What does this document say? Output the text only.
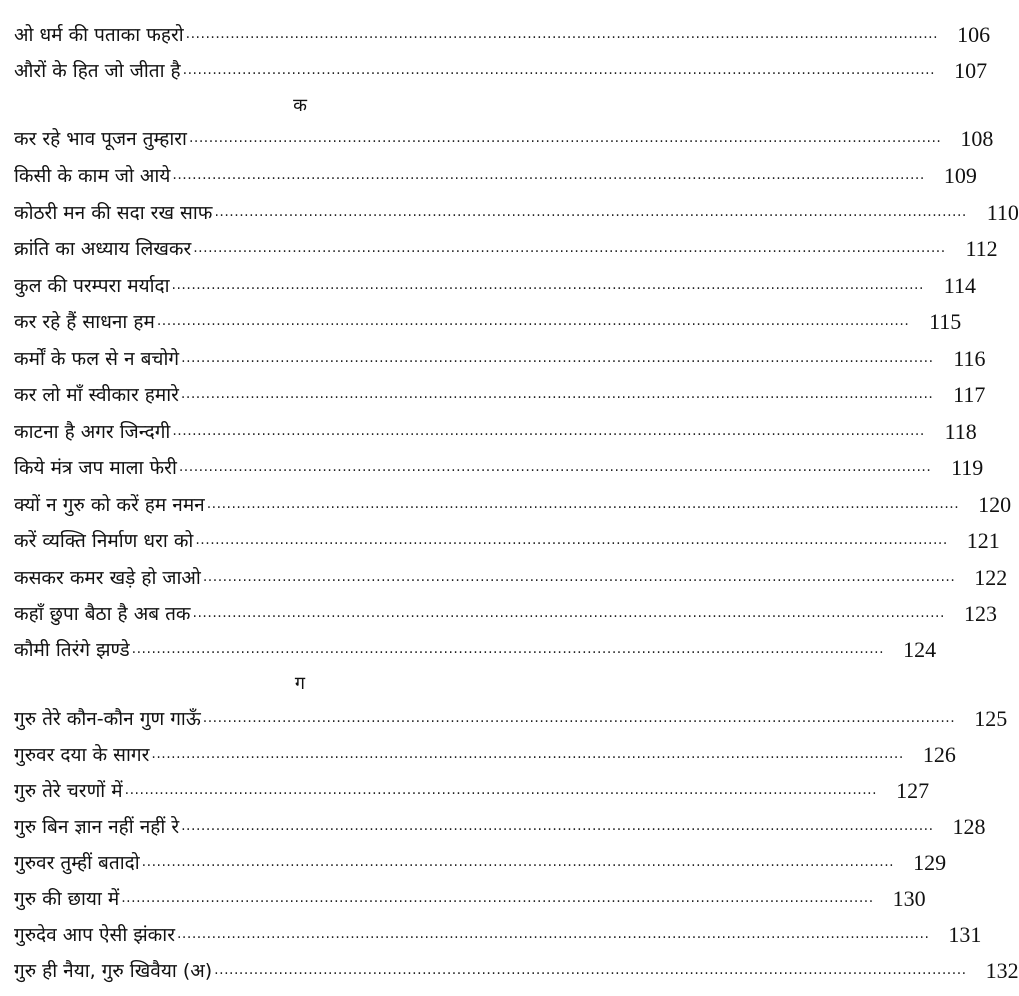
ओ धर्म की पताका फहरो .....	106
औरों के हित जो जीता है .....	107
क
कर रहे भाव पूजन तुम्हारा .....	108
किसी के काम जो आये .....	109
कोठरी मन की सदा रख साफ .....	110
क्रांति का अध्याय लिखकर .....	112
कुल की परम्परा मर्यादा .....	114
कर रहे हैं साधना हम .....	115
कर्मों के फल से न बचोगे .....	116
कर लो माँ स्वीकार हमारे .....	117
काटना है अगर जिन्दगी .....	118
किये मंत्र जप माला फेरी .....	119
क्यों न गुरु को करें हम नमन .....	120
करें व्यक्ति निर्माण धरा को .....	121
कसकर कमर खड़े हो जाओ .....	122
कहाँ छुपा बैठा है अब तक .....	123
कौमी तिरंगे झण्डे .....	124
ग
गुरु तेरे कौन-कौन गुण गाऊँ .....	125
गुरुवर दया के सागर .....	126
गुरु तेरे चरणों में .....	127
गुरु बिन ज्ञान नहीं नहीं रे .....	128
गुरुवर तुम्हीं बतादो .....	129
गुरु की छाया में .....	130
गुरुदेव आप ऐसी झंकार .....	131
गुरु ही नैया, गुरु खिवैया (अ) .....	132
